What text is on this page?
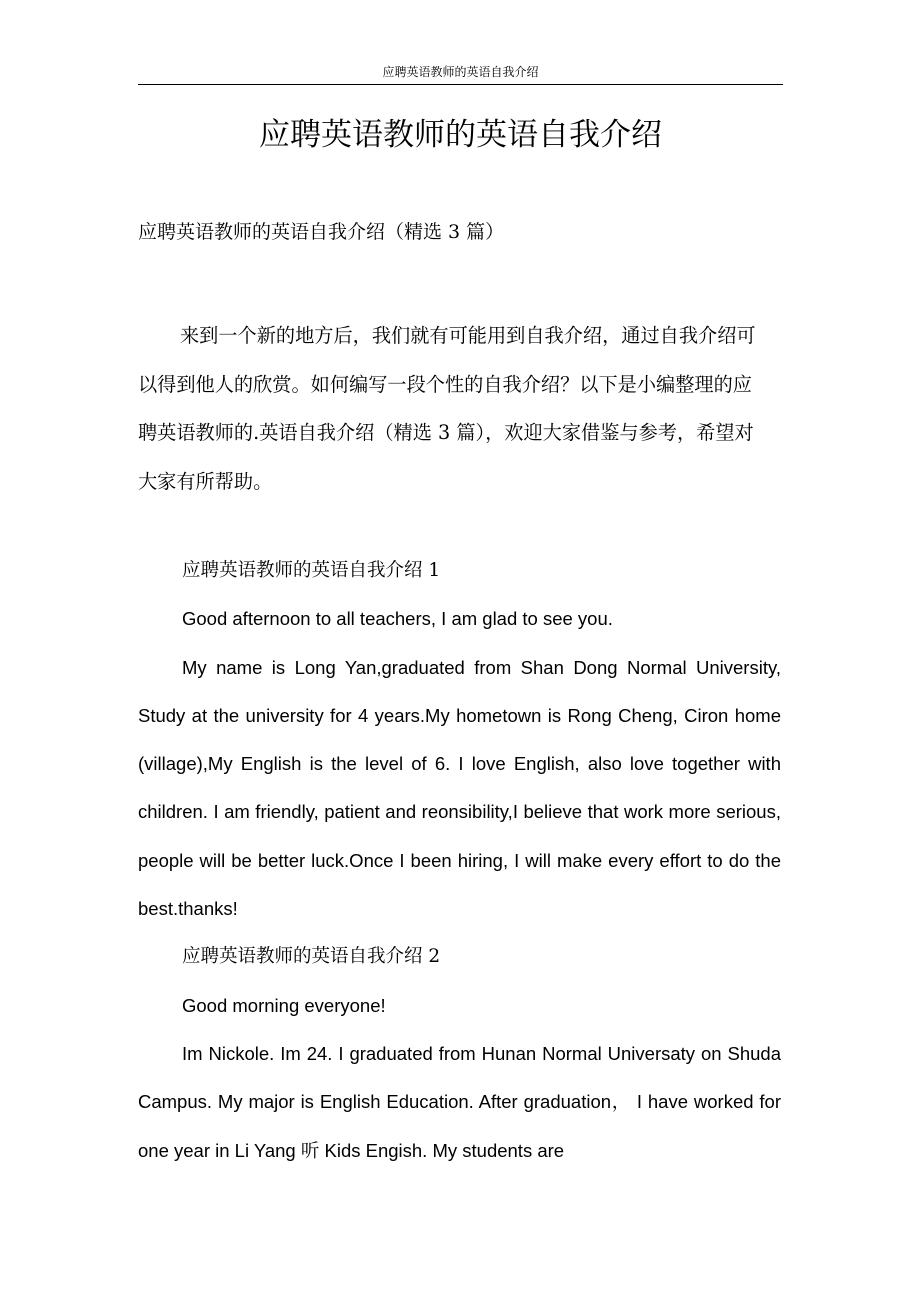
应聘英语教师的英语自我介绍
应聘英语教师的英语自我介绍

应聘英语教师的英语自我介绍（精选 3 篇）

来到一个新的地方后，我们就有可能用到自我介绍，通过自我介绍可以得到他人的欣赏。如何编写一段个性的自我介绍？以下是小编整理的应聘英语教师的.英语自我介绍（精选 3 篇），欢迎大家借鉴与参考，希望对大家有所帮助。

应聘英语教师的英语自我介绍 1

Good afternoon to all teachers, I am glad to see you.

My name is Long Yan,graduated from Shan Dong Normal University, Study at the university for 4 years.My hometown is Rong Cheng, Ciron home (village),My English is the level of 6. I love English, also love together with children. I am friendly, patient and reonsibility,I believe that work more serious, people will be better luck.Once I been hiring, I will make every effort to do the best.thanks!

应聘英语教师的英语自我介绍 2

Good morning everyone!

Im Nickole. Im 24. I graduated from Hunan Normal Universaty on Shuda Campus. My major is English Education. After graduation， I have worked for one year in Li Yang 听 Kids Engish. My students are
